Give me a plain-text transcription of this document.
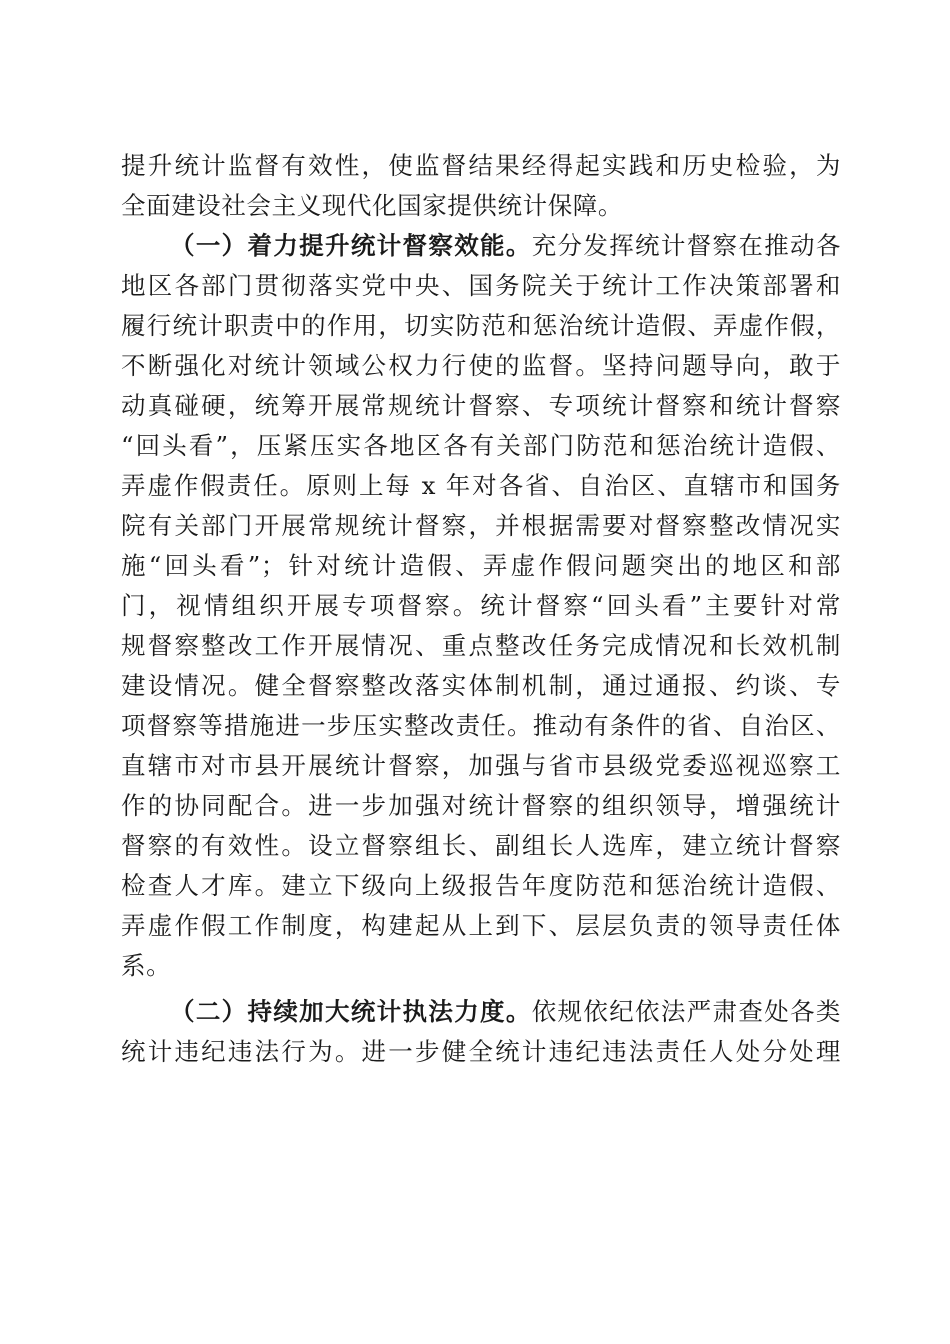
提升统计监督有效性，使监督结果经得起实践和历史检验，为
全面建设社会主义现代化国家提供统计保障。
（一）着力提升统计督察效能。充分发挥统计督察在推动各
地区各部门贯彻落实党中央、国务院关于统计工作决策部署和
履行统计职责中的作用，切实防范和惩治统计造假、弄虚作假，
不断强化对统计领域公权力行使的监督。坚持问题导向，敢于
动真碰硬，统筹开展常规统计督察、专项统计督察和统计督察
“回头看”，压紧压实各地区各有关部门防范和惩治统计造假、
弄虚作假责任。原则上每 x 年对各省、自治区、直辖市和国务
院有关部门开展常规统计督察，并根据需要对督察整改情况实
施“回头看”；针对统计造假、弄虚作假问题突出的地区和部
门，视情组织开展专项督察。统计督察“回头看”主要针对常
规督察整改工作开展情况、重点整改任务完成情况和长效机制
建设情况。健全督察整改落实体制机制，通过通报、约谈、专
项督察等措施进一步压实整改责任。推动有条件的省、自治区、
直辖市对市县开展统计督察，加强与省市县级党委巡视巡察工
作的协同配合。进一步加强对统计督察的组织领导，增强统计
督察的有效性。设立督察组长、副组长人选库，建立统计督察
检查人才库。建立下级向上级报告年度防范和惩治统计造假、
弄虚作假工作制度，构建起从上到下、层层负责的领导责任体
系。
（二）持续加大统计执法力度。依规依纪依法严肃查处各类
统计违纪违法行为。进一步健全统计违纪违法责任人处分处理
